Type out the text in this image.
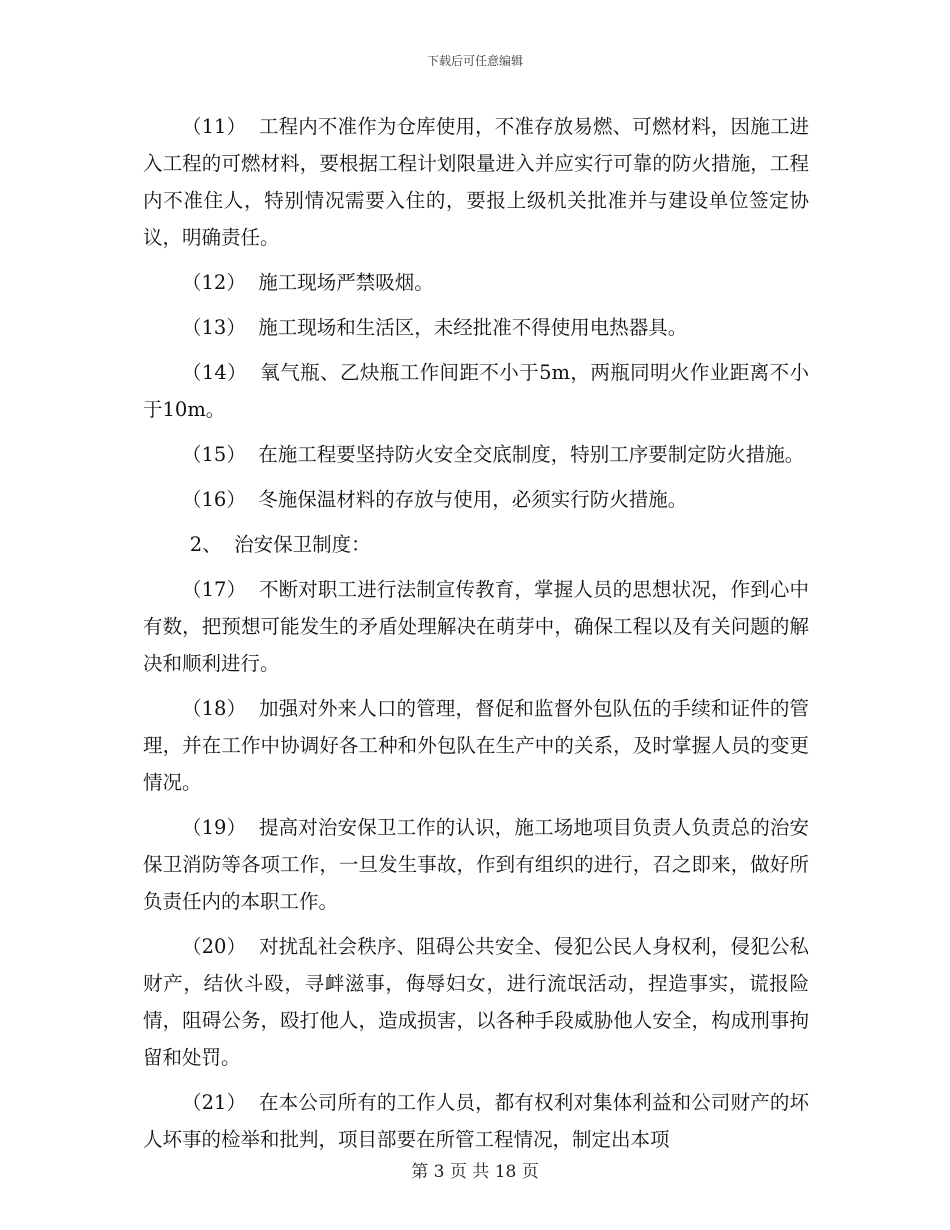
下载后可任意编辑

（11）  工程内不准作为仓库使用，不准存放易燃、可燃材料，因施工进入工程的可燃材料，要根据工程计划限量进入并应实行可靠的防火措施，工程内不准住人，特别情况需要入住的，要报上级机关批准并与建设单位签定协议，明确责任。

（12）  施工现场严禁吸烟。

（13）  施工现场和生活区，未经批准不得使用电热器具。

（14）  氧气瓶、乙炔瓶工作间距不小于5m，两瓶同明火作业距离不小于10m。

（15）  在施工程要坚持防火安全交底制度，特别工序要制定防火措施。

（16）  冬施保温材料的存放与使用，必须实行防火措施。

2、  治安保卫制度：

（17）  不断对职工进行法制宣传教育，掌握人员的思想状况，作到心中有数，把预想可能发生的矛盾处理解决在萌芽中，确保工程以及有关问题的解决和顺利进行。

（18）  加强对外来人口的管理，督促和监督外包队伍的手续和证件的管理，并在工作中协调好各工种和外包队在生产中的关系，及时掌握人员的变更情况。

（19）  提高对治安保卫工作的认识，施工场地项目负责人负责总的治安保卫消防等各项工作，一旦发生事故，作到有组织的进行，召之即来，做好所负责任内的本职工作。

（20）  对扰乱社会秩序、阻碍公共安全、侵犯公民人身权利，侵犯公私财产，结伙斗殴，寻衅滋事，侮辱妇女，进行流氓活动，捏造事实，谎报险情，阻碍公务，殴打他人，造成损害，以各种手段威胁他人安全，构成刑事拘留和处罚。

（21）  在本公司所有的工作人员，都有权利对集体利益和公司财产的坏人坏事的检举和批判，项目部要在所管工程情况，制定出本项

第 3 页 共 18 页
